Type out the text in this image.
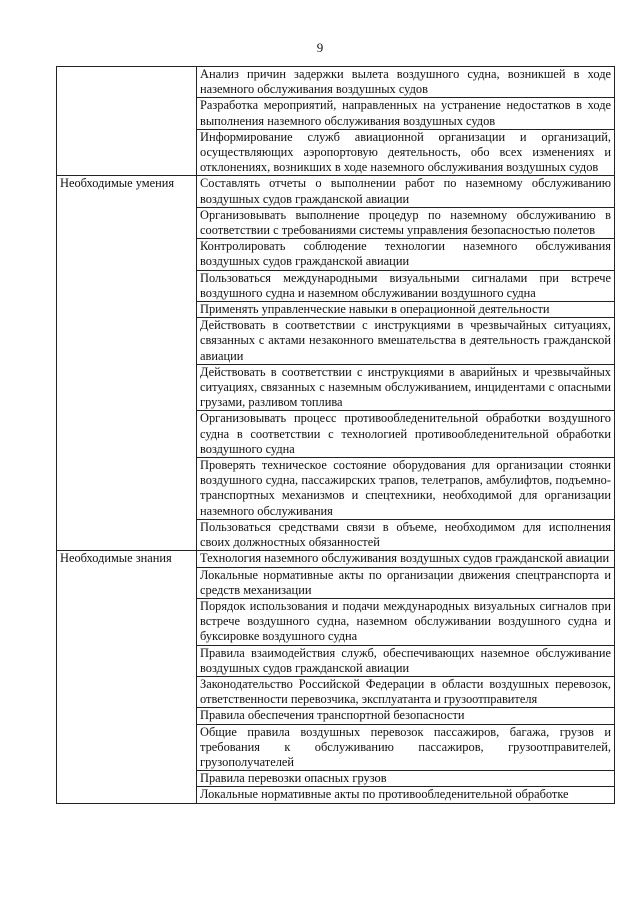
9
	Анализ причин задержки вылета воздушного судна, возникшей в ходе наземного обслуживания воздушных судов
	Разработка мероприятий, направленных на устранение недостатков в ходе выполнения наземного обслуживания воздушных судов
	Информирование служб авиационной организации и организаций, осуществляющих аэропортовую деятельность, обо всех изменениях и отклонениях, возникших в ходе наземного обслуживания воздушных судов
Необходимые умения	Составлять отчеты о выполнении работ по наземному обслуживанию воздушных судов гражданской авиации
	Организовывать выполнение процедур по наземному обслуживанию в соответствии с требованиями системы управления безопасностью полетов
	Контролировать соблюдение технологии наземного обслуживания воздушных судов гражданской авиации
	Пользоваться международными визуальными сигналами при встрече воздушного судна и наземном обслуживании воздушного судна
	Применять управленческие навыки в операционной деятельности
	Действовать в соответствии с инструкциями в чрезвычайных ситуациях, связанных с актами незаконного вмешательства в деятельность гражданской авиации
	Действовать в соответствии с инструкциями в аварийных и чрезвычайных ситуациях, связанных с наземным обслуживанием, инцидентами с опасными грузами, разливом топлива
	Организовывать процесс противообледенительной обработки воздушного судна в соответствии с технологией противообледенительной обработки воздушного судна
	Проверять техническое состояние оборудования для организации стоянки воздушного судна, пассажирских трапов, телетрапов, амбулифтов, подъемно-транспортных механизмов и спецтехники, необходимой для организации наземного обслуживания
	Пользоваться средствами связи в объеме, необходимом для исполнения своих должностных обязанностей
Необходимые знания	Технология наземного обслуживания воздушных судов гражданской авиации
	Локальные нормативные акты по организации движения спецтранспорта и средств механизации
	Порядок использования и подачи международных визуальных сигналов при встрече воздушного судна, наземном обслуживании воздушного судна и буксировке воздушного судна
	Правила взаимодействия служб, обеспечивающих наземное обслуживание воздушных судов гражданской авиации
	Законодательство Российской Федерации в области воздушных перевозок, ответственности перевозчика, эксплуатанта и грузоотправителя
	Правила обеспечения транспортной безопасности
	Общие правила воздушных перевозок пассажиров, багажа, грузов и требования к обслуживанию пассажиров, грузоотправителей, грузополучателей
	Правила перевозки опасных грузов
	Локальные нормативные акты по противообледенительной обработке
